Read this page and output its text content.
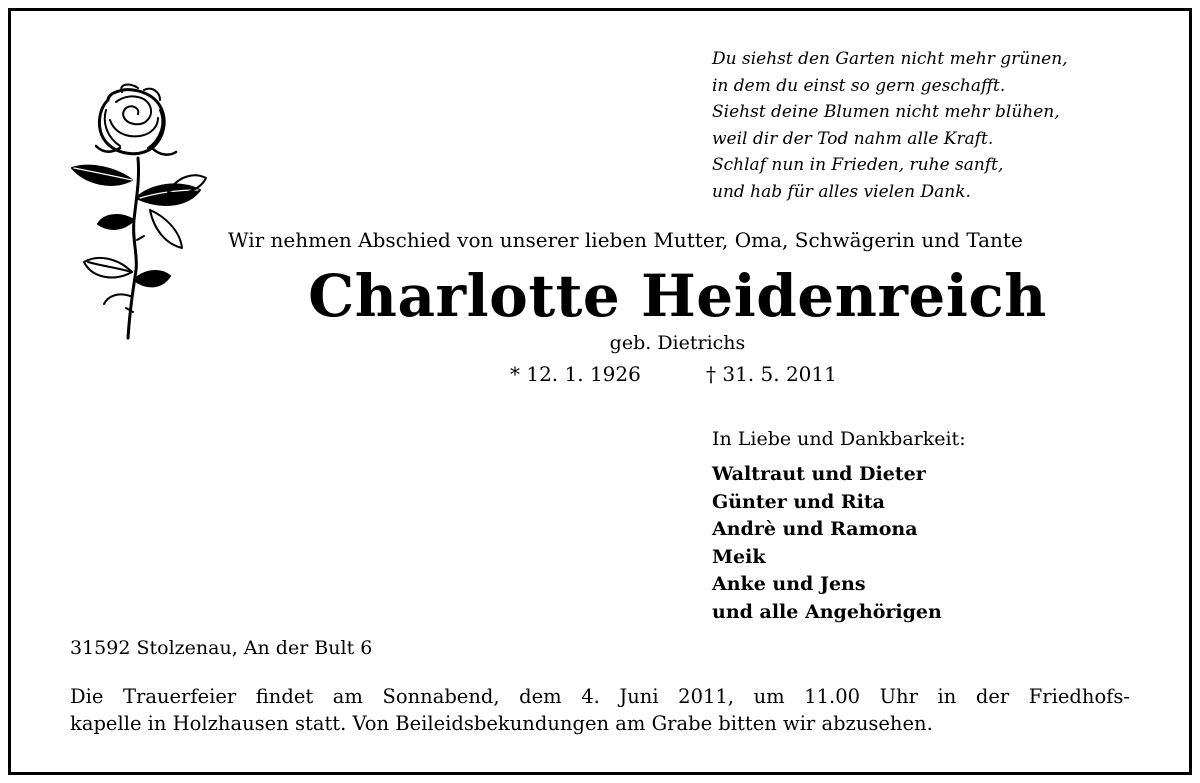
Du siehst den Garten nicht mehr grünen,
in dem du einst so gern geschafft.
Siehst deine Blumen nicht mehr blühen,
weil dir der Tod nahm alle Kraft.
Schlaf nun in Frieden, ruhe sanft,
und hab für alles vielen Dank.
Wir nehmen Abschied von unserer lieben Mutter, Oma, Schwägerin und Tante
Charlotte Heidenreich
geb. Dietrichs
* 12. 1. 1926	† 31. 5. 2011
In Liebe und Dankbarkeit:
Waltraut und Dieter
Günter und Rita
Andrè und Ramona
Meik
Anke und Jens
und alle Angehörigen
31592 Stolzenau, An der Bult 6
Die Trauerfeier findet am Sonnabend, dem 4. Juni 2011, um 11.00 Uhr in der Friedhofs-
kapelle in Holzhausen statt. Von Beileidsbekundungen am Grabe bitten wir abzusehen.
